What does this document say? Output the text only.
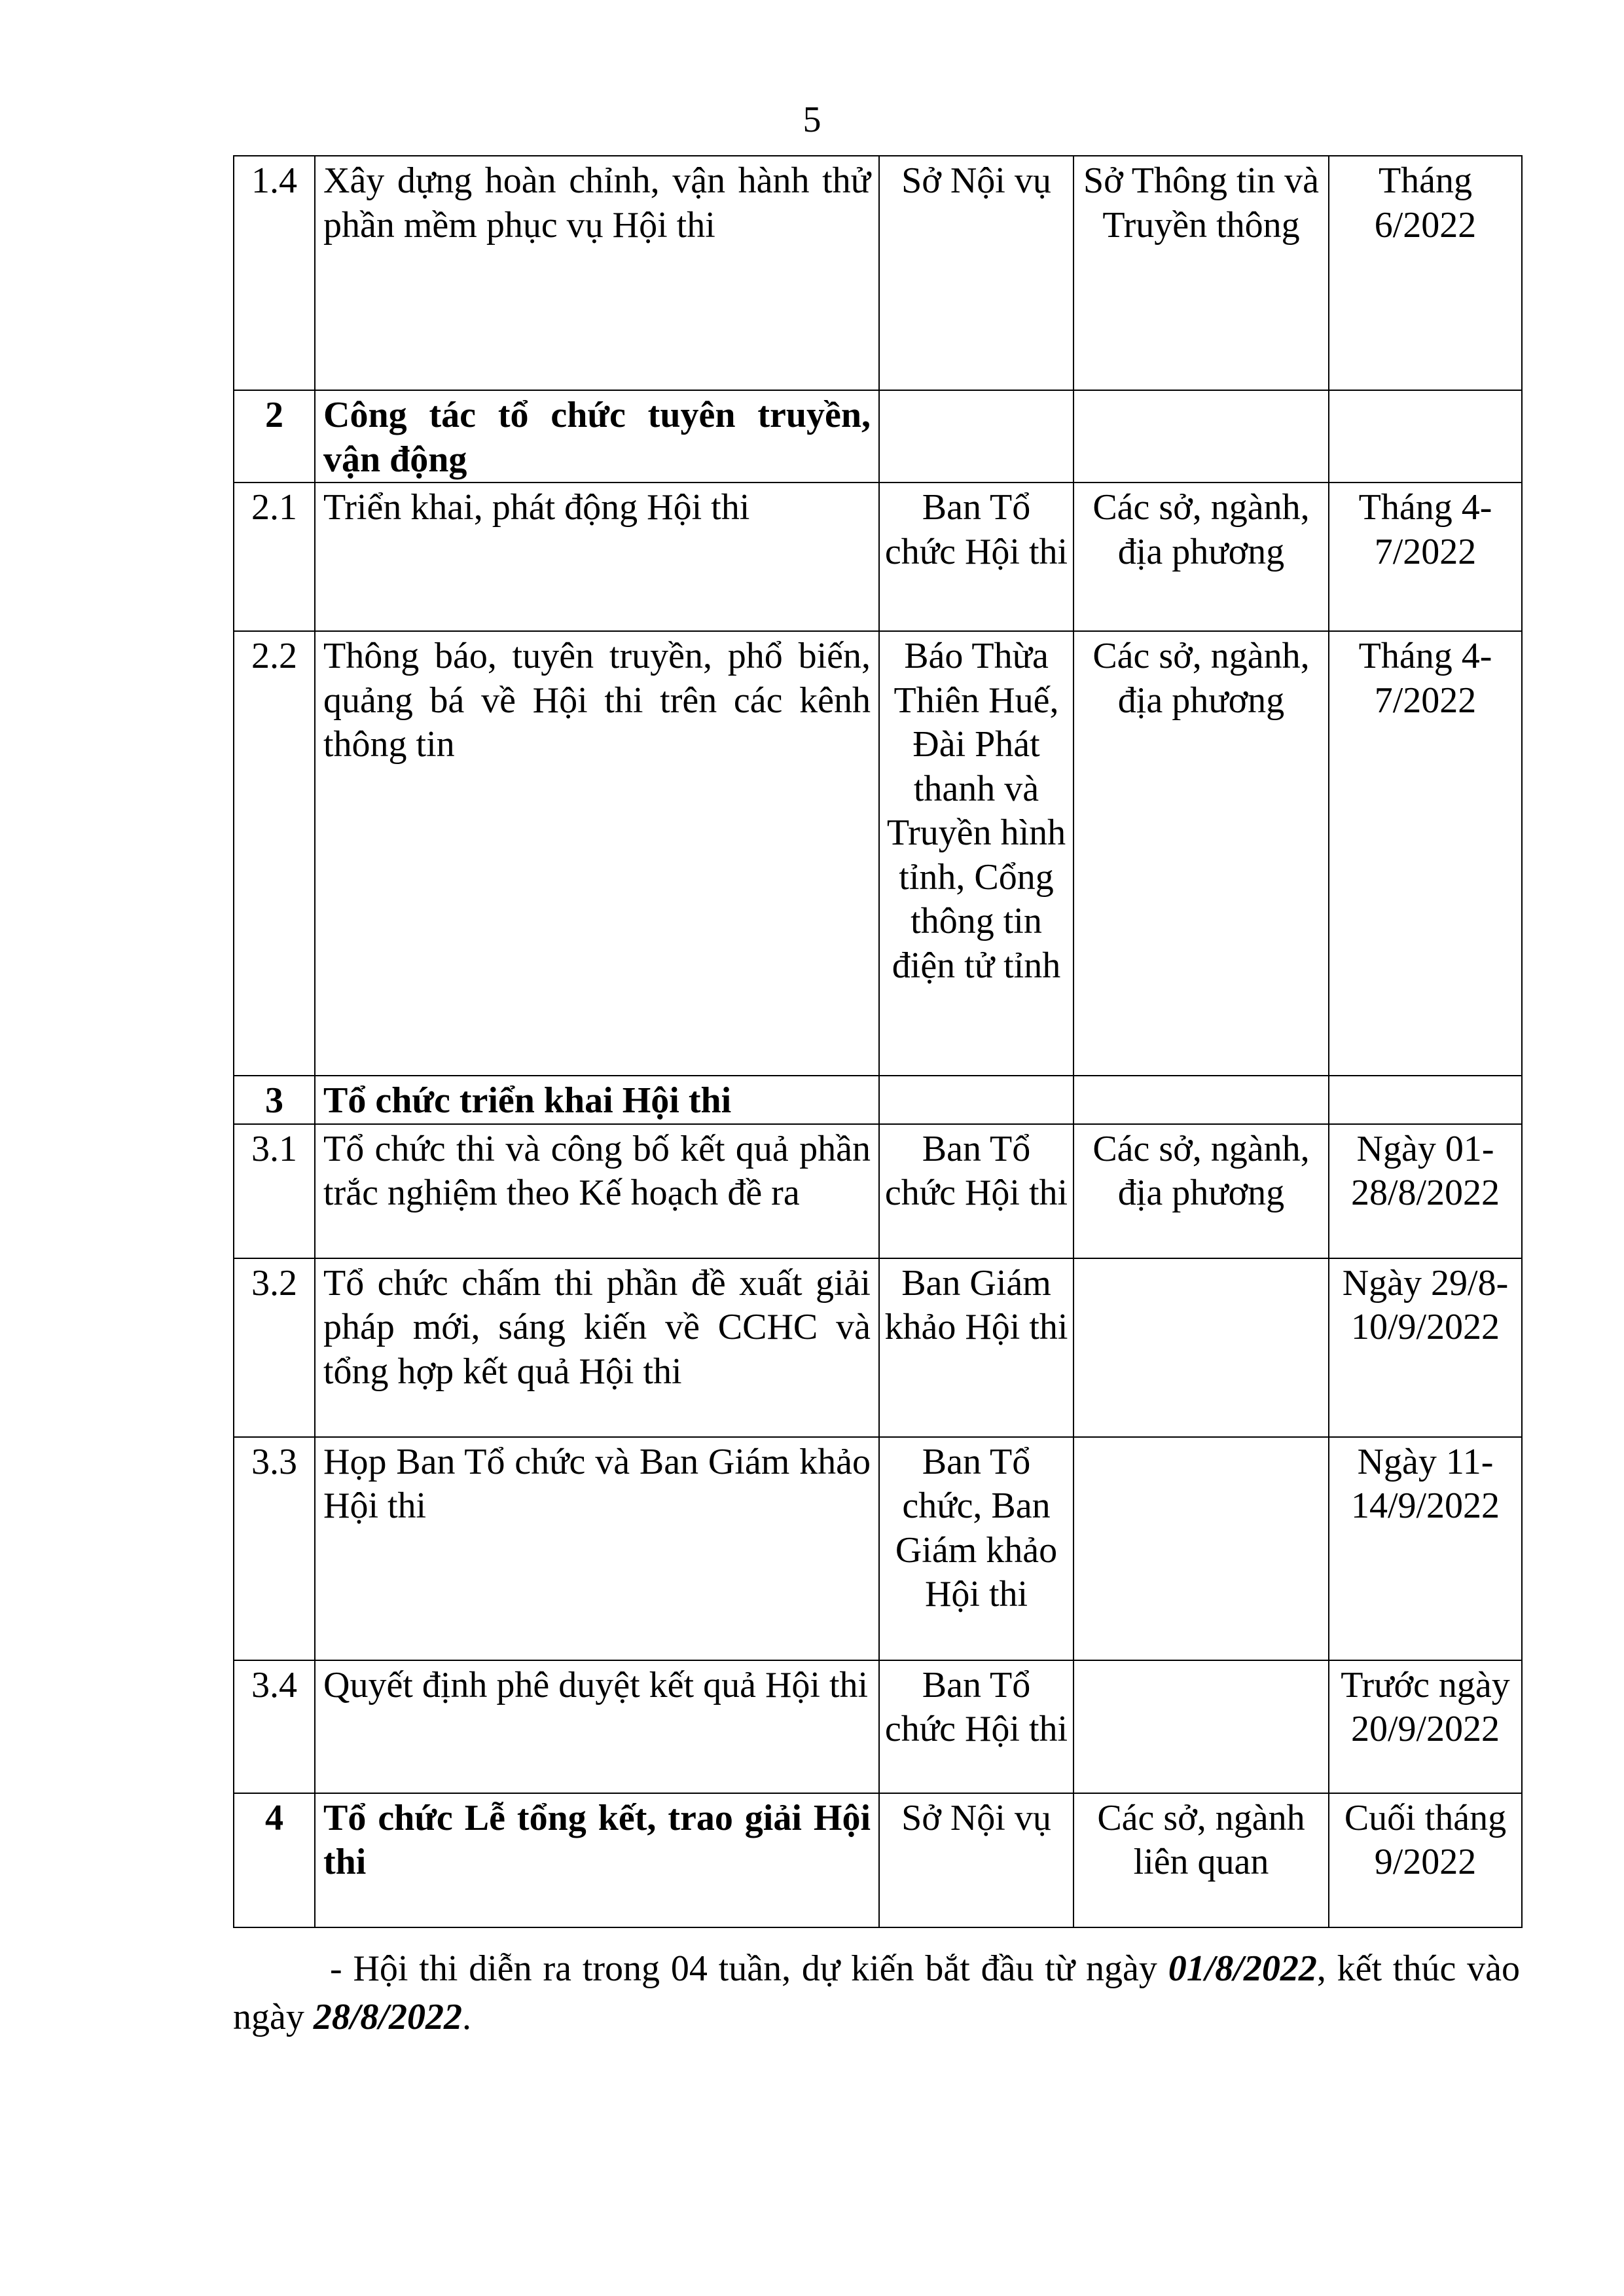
5
1.4	Xây dựng hoàn chỉnh, vận hành thử phần mềm phục vụ Hội thi	Sở Nội vụ	Sở Thông tin và Truyền thông	Tháng 6/2022
2	Công tác tổ chức tuyên truyền, vận động			
2.1	Triển khai, phát động Hội thi	Ban Tổ chức Hội thi	Các sở, ngành, địa phương	Tháng 4-7/2022
2.2	Thông báo, tuyên truyền, phổ biến, quảng bá về Hội thi trên các kênh thông tin	Báo Thừa Thiên Huế, Đài Phát thanh và Truyền hình tỉnh, Cổng thông tin điện tử tỉnh	Các sở, ngành, địa phương	Tháng 4-7/2022
3	Tổ chức triển khai Hội thi			
3.1	Tổ chức thi và công bố kết quả phần trắc nghiệm theo Kế hoạch đề ra	Ban Tổ chức Hội thi	Các sở, ngành, địa phương	Ngày 01-28/8/2022
3.2	Tổ chức chấm thi phần đề xuất giải pháp mới, sáng kiến về CCHC và tổng hợp kết quả Hội thi	Ban Giám khảo Hội thi		Ngày 29/8-10/9/2022
3.3	Họp Ban Tổ chức và Ban Giám khảo Hội thi	Ban Tổ chức, Ban Giám khảo Hội thi		Ngày 11-14/9/2022
3.4	Quyết định phê duyệt kết quả Hội thi	Ban Tổ chức Hội thi		Trước ngày 20/9/2022
4	Tổ chức Lễ tổng kết, trao giải Hội thi	Sở Nội vụ	Các sở, ngành liên quan	Cuối tháng 9/2022
- Hội thi diễn ra trong 04 tuần, dự kiến bắt đầu từ ngày 01/8/2022, kết thúc vào ngày 28/8/2022.
